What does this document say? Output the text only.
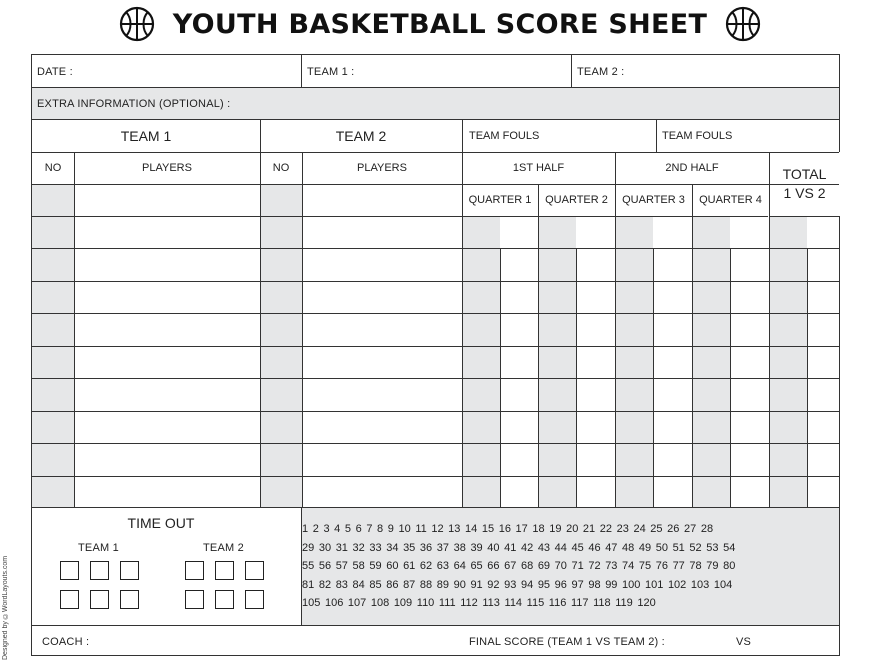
YOUTH BASKETBALL SCORE SHEET
DATE :	TEAM 1 :	TEAM 2 :
EXTRA INFORMATION (OPTIONAL) :
TEAM 1	TEAM 2	TEAM FOULS	TEAM FOULS
NO	PLAYERS	NO	PLAYERS	1ST HALF	2ND HALF	TOTAL
1 VS 2
QUARTER 1	QUARTER 2	QUARTER 3	QUARTER 4
TIME OUT
TEAM 1	TEAM 2
1 2 3 4 5 6 7 8 9 10 11 12 13 14 15 16 17 18 19 20 21 22 23 24 25 26 27 28
29 30 31 32 33 34 35 36 37 38 39 40 41 42 43 44 45 46 47 48 49 50 51 52 53 54
55 56 57 58 59 60 61 62 63 64 65 66 67 68 69 70 71 72 73 74 75 76 77 78 79 80
81 82 83 84 85 86 87 88 89 90 91 92 93 94 95 96 97 98 99 100 101 102 103 104
105 106 107 108 109 110 111 112 113 114 115 116 117 118 119 120
COACH :	FINAL SCORE (TEAM 1 VS TEAM 2) :	VS
Designed by ©WordLayouts.com
